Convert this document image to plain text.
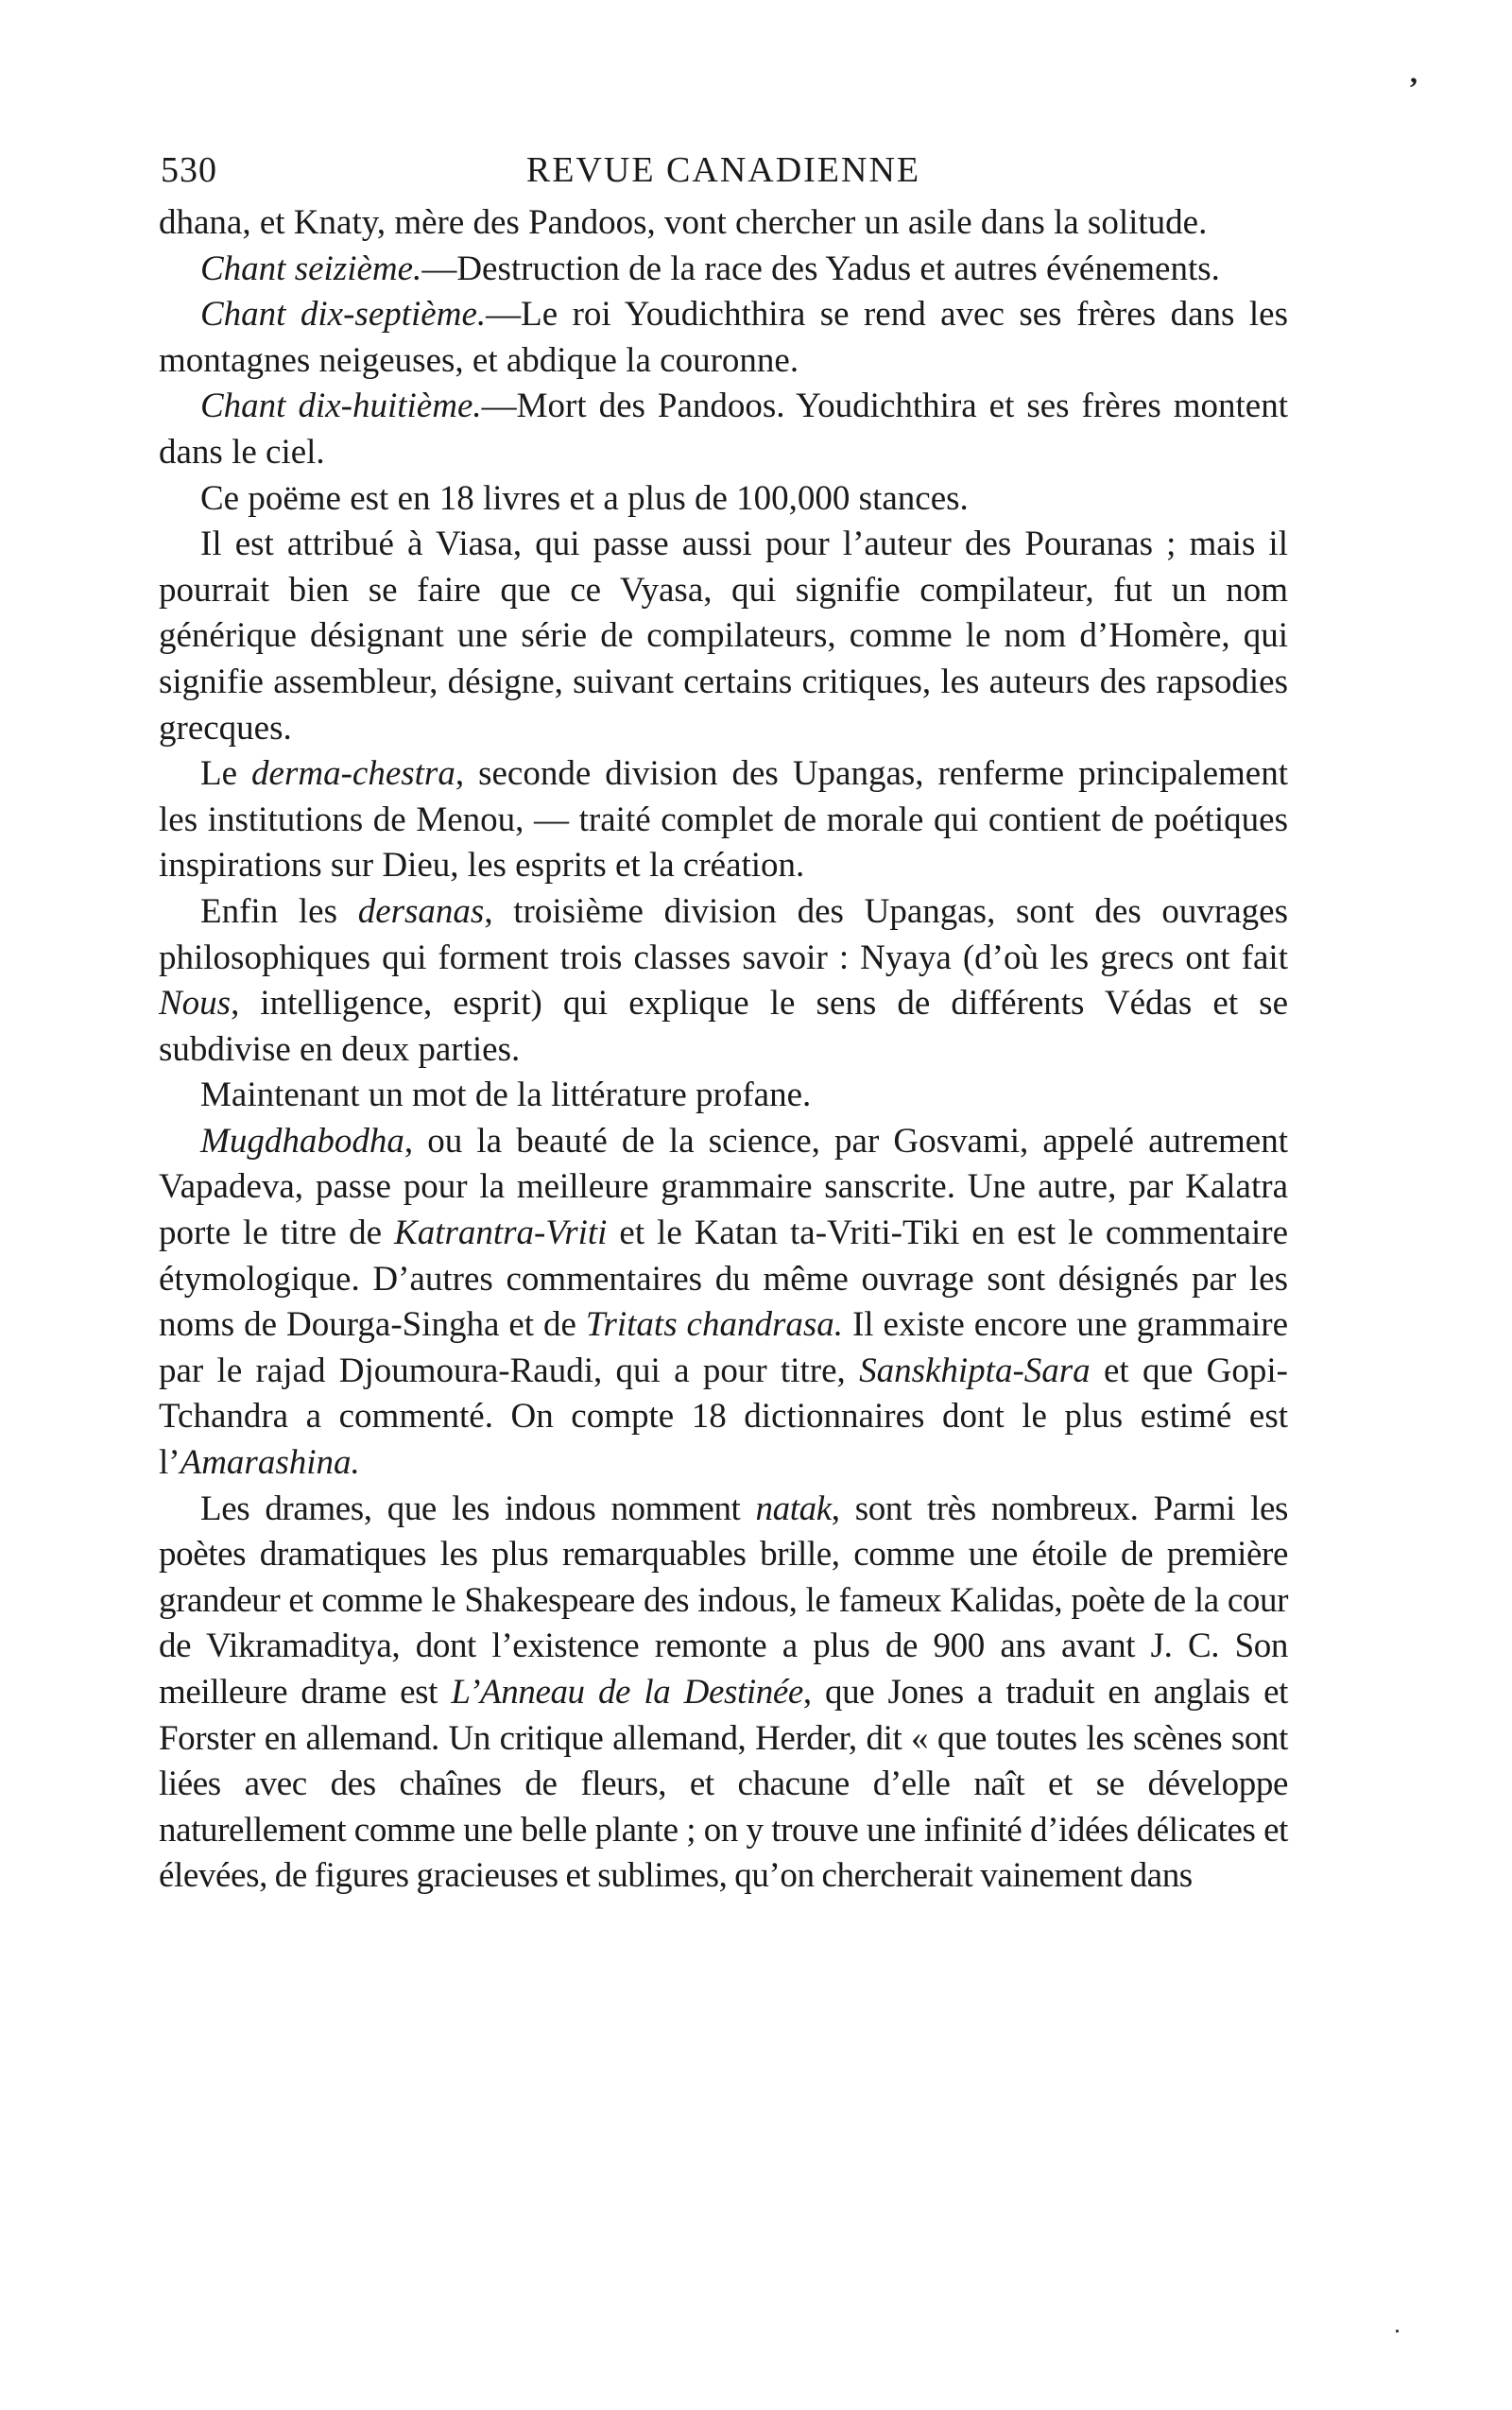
,
530	REVUE CANADIENNE

dhana, et Knaty, mère des Pandoos, vont chercher un asile dans la solitude.

Chant seizième.—Destruction de la race des Yadus et autres événements.

Chant dix-septième.—Le roi Youdichthira se rend avec ses frères dans les montagnes neigeuses, et abdique la couronne.

Chant dix-huitième.—Mort des Pandoos. Youdichthira et ses frères montent dans le ciel.

Ce poëme est en 18 livres et a plus de 100,000 stances.

Il est attribué à Viasa, qui passe aussi pour l’auteur des Pouranas ; mais il pourrait bien se faire que ce Vyasa, qui signifie compilateur, fut un nom générique désignant une série de compilateurs, comme le nom d’Homère, qui signifie assembleur, désigne, suivant certains critiques, les auteurs des rapsodies grecques.

Le derma-chestra, seconde division des Upangas, renferme principalement les institutions de Menou, — traité complet de morale qui contient de poétiques inspirations sur Dieu, les esprits et la création.

Enfin les dersanas, troisième division des Upangas, sont des ouvrages philosophiques qui forment trois classes savoir : Nyaya (d’où les grecs ont fait Nous, intelligence, esprit) qui explique le sens de différents Védas et se subdivise en deux parties.

Maintenant un mot de la littérature profane.

Mugdhabodha, ou la beauté de la science, par Gosvami, appelé autrement Vapadeva, passe pour la meilleure grammaire sanscrite. Une autre, par Kalatra porte le titre de Katrantra-Vriti et le Katan ta-Vriti-Tiki en est le commentaire étymologique. D’autres commentaires du même ouvrage sont désignés par les noms de Dourga-Singha et de Tritats chandrasa. Il existe encore une grammaire par le rajad Djoumoura-Raudi, qui a pour titre, Sanskhipta-Sara et que Gopi-Tchandra a commenté. On compte 18 dictionnaires dont le plus estimé est l’Amarashina.

Les drames, que les indous nomment natak, sont très nombreux. Parmi les poètes dramatiques les plus remarquables brille, comme une étoile de première grandeur et comme le Shakespeare des indous, le fameux Kalidas, poète de la cour de Vikramaditya, dont l’existence remonte a plus de 900 ans avant J. C. Son meilleure drame est L’Anneau de la Destinée, que Jones a traduit en anglais et Forster en allemand. Un critique allemand, Herder, dit « que toutes les scènes sont liées avec des chaînes de fleurs, et chacune d’elle naît et se développe naturellement comme une belle plante ; on y trouve une infinité d’idées délicates et élevées, de figures gracieuses et sublimes, qu’on chercherait vainement dans
